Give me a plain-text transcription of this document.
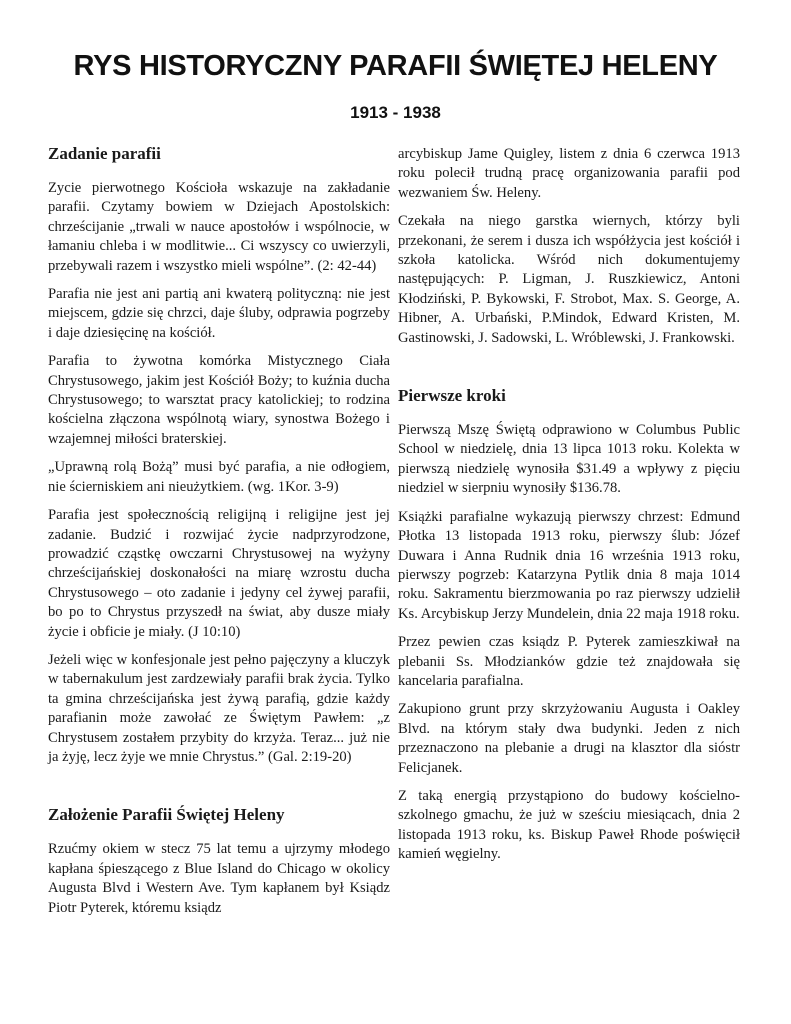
RYS HISTORYCZNY PARAFII ŚWIĘTEJ HELENY
1913 - 1938
Zadanie parafii

Zycie pierwotnego Kościoła wskazuje na zakładanie parafii. Czytamy bowiem w Dziejach Apostolskich: chrześcijanie „trwali w nauce apostołów i wspólnocie, w łamaniu chleba i w modlitwie... Ci wszyscy co uwierzyli, przebywali razem i wszystko mieli wspólne”. (2: 42-44)

Parafia nie jest ani partią ani kwaterą polityczną: nie jest miejscem, gdzie się chrzci, daje śluby, odprawia pogrzeby i daje dziesięcinę na kościół.

Parafia to żywotna komórka Mistycznego Ciała Chrystusowego, jakim jest Kościół Boży; to kuźnia ducha Chrystusowego; to warsztat pracy katolickiej; to rodzina kościelna złączona wspólnotą wiary, synostwa Bożego i wzajemnej miłości braterskiej.

„Uprawną rolą Bożą” musi być parafia, a nie odłogiem, nie ścierniskiem ani nieużytkiem. (wg. 1Kor. 3-9)

Parafia jest społecznością religijną i religijne jest jej zadanie. Budzić i rozwijać życie nadprzyrodzone, prowadzić cząstkę owczarni Chrystusowej na wyżyny chrześcijańskiej doskonałości na miarę wzrostu ducha Chrystusowego – oto zadanie i jedyny cel żywej parafii, bo po to Chrystus przyszedł na świat, aby dusze miały życie i obficie je miały. (J 10:10)

Jeżeli więc w konfesjonale jest pełno pajęczyny a kluczyk w tabernakulum jest zardzewiały parafii brak życia. Tylko ta gmina chrześcijańska jest żywą parafią, gdzie każdy parafianin może zawołać ze Świętym Pawłem: „z Chrystusem zostałem przybity do krzyża. Teraz... już nie ja żyję, lecz żyje we mnie Chrystus.” (Gal. 2:19-20)

Założenie Parafii Świętej Heleny

Rzućmy okiem w stecz 75 lat temu a ujrzymy młodego kapłana śpieszącego z Blue Island do Chicago w okolicy Augusta Blvd i Western Ave. Tym kapłanem był Ksiądz Piotr Pyterek, któremu ksiądz

arcybiskup Jame Quigley, listem z dnia 6 czerwca 1913 roku polecił trudną pracę organizowania parafii pod wezwaniem Św. Heleny.

Czekała na niego garstka wiernych, którzy byli przekonani, że serem i dusza ich współżycia jest kościół i szkoła katolicka. Wśród nich dokumentujemy następujących: P. Ligman, J. Ruszkiewicz, Antoni Kłodziński, P. Bykowski, F. Strobot, Max. S. George, A. Hibner, A. Urbański, P.Mindok, Edward Kristen, M. Gastinowski, J. Sadowski, L. Wróblewski, J. Frankowski.

Pierwsze kroki

Pierwszą Mszę Świętą odprawiono w Columbus Public School w niedzielę, dnia 13 lipca 1013 roku. Kolekta w pierwszą niedzielę wynosiła $31.49 a wpływy z pięciu niedziel w sierpniu wynosiły $136.78.

Książki parafialne wykazują pierwszy chrzest: Edmund Płotka 13 listopada 1913 roku, pierwszy ślub: Józef Duwara i Anna Rudnik dnia 16 września 1913 roku, pierwszy pogrzeb: Katarzyna Pytlik dnia 8 maja 1014 roku. Sakramentu bierzmowania po raz pierwszy udzielił Ks. Arcybiskup Jerzy Mundelein, dnia 22 maja 1918 roku.

Przez pewien czas ksiądz P. Pyterek zamieszkiwał na plebanii Ss. Młodzianków gdzie też znajdowała się kancelaria parafialna.

Zakupiono grunt przy skrzyżowaniu Augusta i Oakley Blvd. na którym stały dwa budynki. Jeden z nich przeznaczono na plebanie a drugi na klasztor dla sióstr Felicjanek.

Z taką energią przystąpiono do budowy kościelno-szkolnego gmachu, że już w sześciu miesiącach, dnia 2 listopada 1913 roku, ks. Biskup Paweł Rhode poświęcił kamień węgielny.
